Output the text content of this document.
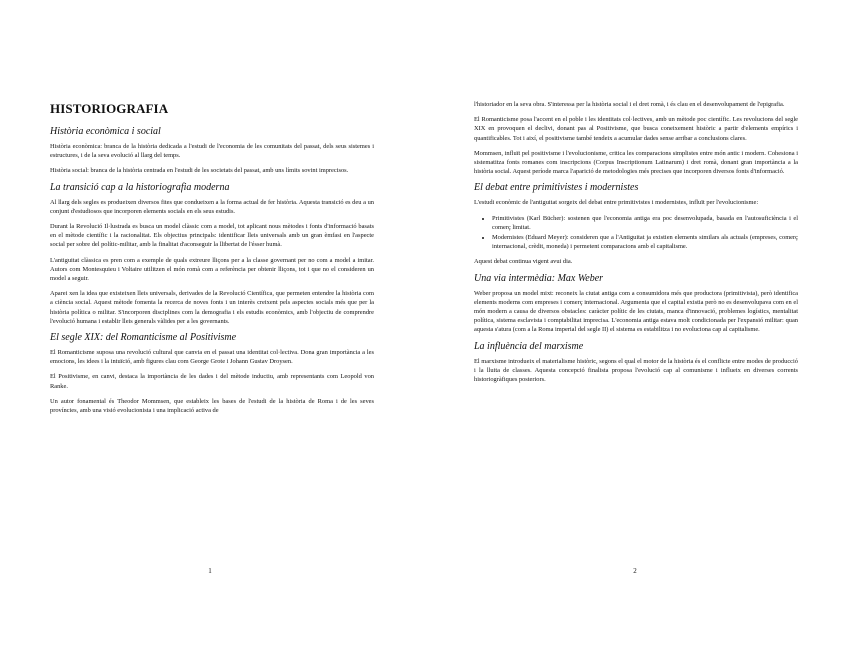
HISTORIOGRAFIA
Història econòmica i social

Història econòmica: branca de la història dedicada a l'estudi de l'economia de les comunitats del passat, dels seus sistemes i estructures, i de la seva evolució al llarg del temps.

Història social: branca de la història centrada en l'estudi de les societats del passat, amb uns límits sovint imprecisos.

La transició cap a la historiografia moderna

Al llarg dels segles es produeixen diversos fites que condueixen a la forma actual de fer història. Aquesta transició es deu a un conjunt d'estudiosos que incorporen elements socials en els seus estudis.

Durant la Revolució Il·lustrada es busca un model clàssic com a model, tot aplicant nous mètodes i fonts d'informació basats en el mètode científic i la racionalitat. Els objectius principals: identificar lleis universals amb un gran èmfasi en l'aspecte social per sobre del polític-militar, amb la finalitat d'aconseguir la llibertat de l'ésser humà.

L'antiguitat clàssica es pren com a exemple de quals extreure lliçons per a la classe governant per no com a model a imitar. Autors com Montesquieu i Voltaire utilitzen el món romà com a referència per obtenir lliçons, tot i que no el consideren un model a seguir.

Aparei xen la idea que existeixen lleis universals, derivades de la Revolució Científica, que permeten entendre la història com a ciència social. Aquest mètode fomenta la recerca de noves fonts i un interès creixent pels aspectes socials més que per la història política o militar. S'incorporen disciplines com la demografia i els estudis econòmics, amb l'objectiu de comprendre l'evolució humana i establir lleis generals vàlides per a les governants.

El segle XIX: del Romanticisme al Positivisme

El Romanticisme suposa una revolució cultural que canvia en el passat una identitat col·lectiva. Dona gran importància a les emocions, les idees i la intuïció, amb figures clau com George Grote i Johann Gustav Droysen.

El Positivisme, en canvi, destaca la importància de les dades i del mètode inductiu, amb representants com Leopold von Ranke.

Un autor fonamental és Theodor Mommsen, que estableix les bases de l'estudi de la història de Roma i de les seves províncies, amb una visió evolucionista i una implicació activa de

1

l'historiador en la seva obra. S'interessa per la història social i el dret romà, i és clau en el desenvolupament de l'epigrafia.

El Romanticisme posa l'accent en el poble i les identitats col·lectives, amb un mètode poc científic. Les revolucions del segle XIX en provoquen el declivi, donant pas al Positivisme, que busca coneixement històric a partir d'elements empírics i quantificables. Tot i així, el positivisme també tendeix a acumular dades sense arribar a conclusions clares.

Mommsen, influït pel positivisme i l'evolucionisme, critica les comparacions simplistes entre món antic i modern. Cohesiona i sistematitza fonts romanes com inscripcions (Corpus Inscriptionum Latinarum) i dret romà, donant gran importància a la història social. Aquest període marca l'aparició de metodologies més precises que incorporen diversos fonts d'informació.

El debat entre primitivistes i modernistes

L'estudi econòmic de l'antiguitat sorgeix del debat entre primitivistes i modernistes, influït per l'evolucionisme:

• Primitivistes (Karl Bücher): sostenen que l'economia antiga era poc desenvolupada, basada en l'autosuficiència i el comerç limitat.
• Modernistes (Eduard Meyer): consideren que a l'Antiguitat ja existien elements similars als actuals (empreses, comerç internacional, crèdit, moneda) i permetent comparacions amb el capitalisme.

Aquest debat continua vigent avui dia.

Una via intermèdia: Max Weber

Weber proposa un model mixt: reconeix la ciutat antiga com a consumidora més que productora (primitivista), però identifica elements moderns com empreses i comerç internacional. Argumenta que el capital existia però no es desenvolupava com en el món modern a causa de diversos obstacles: caràcter polític de les ciutats, manca d'innovació, problemes logístics, mentalitat política, sistema esclavista i comptabilitat imprecisa. L'economia antiga estava molt condicionada per l'expansió militar: quan aquesta s'atura (com a la Roma imperial del segle II) el sistema es estabilitza i no evoluciona cap al capitalisme.

La influència del marxisme

El marxisme introdueix el materialisme històric, segons el qual el motor de la història és el conflicte entre modes de producció i la lluita de classes. Aquesta concepció finalista proposa l'evolució cap al comunisme i influeix en diverses corrents historiogràfiques posteriors.

2
